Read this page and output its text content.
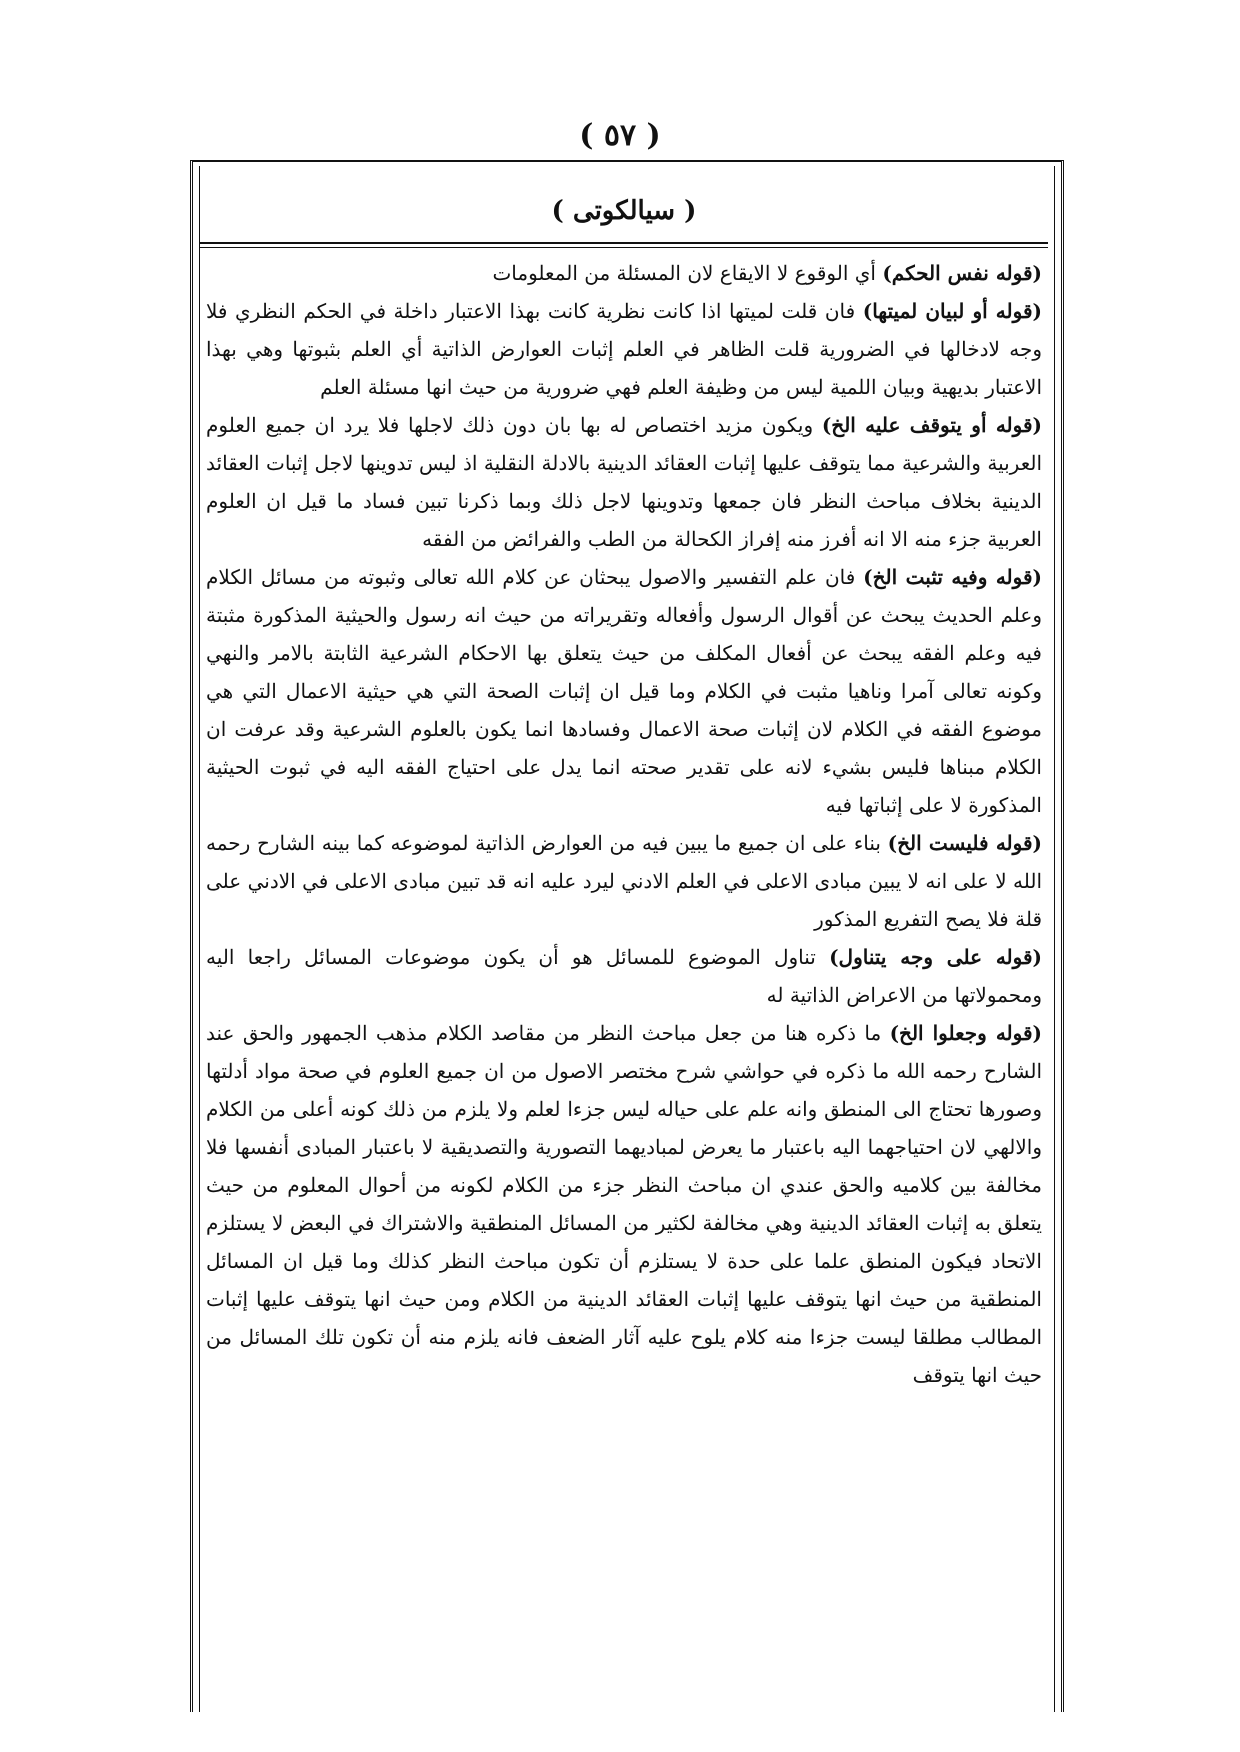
( ٥٧ )
( سيالكوتى )

(قوله نفس الحكم) أي الوقوع لا الايقاع لان المسئلة من المعلومات

(قوله أو لبيان لميتها) فان قلت لميتها اذا كانت نظرية كانت بهذا الاعتبار داخلة في الحكم النظري فلا وجه لادخالها في الضرورية قلت الظاهر في العلم إثبات العوارض الذاتية أي العلم بثبوتها وهي بهذا الاعتبار بديهية وبيان اللمية ليس من وظيفة العلم فهي ضرورية من حيث انها مسئلة العلم

(قوله أو يتوقف عليه الخ) ويكون مزيد اختصاص له بها بان دون ذلك لاجلها فلا يرد ان جميع العلوم العربية والشرعية مما يتوقف عليها إثبات العقائد الدينية بالادلة النقلية اذ ليس تدوينها لاجل إثبات العقائد الدينية بخلاف مباحث النظر فان جمعها وتدوينها لاجل ذلك وبما ذكرنا تبين فساد ما قيل ان العلوم العربية جزء منه الا انه أفرز منه إفراز الكحالة من الطب والفرائض من الفقه

(قوله وفيه تثبت الخ) فان علم التفسير والاصول يبحثان عن كلام الله تعالى وثبوته من مسائل الكلام وعلم الحديث يبحث عن أقوال الرسول وأفعاله وتقريراته من حيث انه رسول والحيثية المذكورة مثبتة فيه وعلم الفقه يبحث عن أفعال المكلف من حيث يتعلق بها الاحكام الشرعية الثابتة بالامر والنهي وكونه تعالى آمرا وناهيا مثبت في الكلام وما قيل ان إثبات الصحة التي هي حيثية الاعمال التي هي موضوع الفقه في الكلام لان إثبات صحة الاعمال وفسادها انما يكون بالعلوم الشرعية وقد عرفت ان الكلام مبناها فليس بشيء لانه على تقدير صحته انما يدل على احتياج الفقه اليه في ثبوت الحيثية المذكورة لا على إثباتها فيه

(قوله فليست الخ) بناء على ان جميع ما يبين فيه من العوارض الذاتية لموضوعه كما بينه الشارح رحمه الله لا على انه لا يبين مبادى الاعلى في العلم الادني ليرد عليه انه قد تبين مبادى الاعلى في الادني على قلة فلا يصح التفريع المذكور

(قوله على وجه يتناول) تناول الموضوع للمسائل هو أن يكون موضوعات المسائل راجعا اليه ومحمولاتها من الاعراض الذاتية له

(قوله وجعلوا الخ) ما ذكره هنا من جعل مباحث النظر من مقاصد الكلام مذهب الجمهور والحق عند الشارح رحمه الله ما ذكره في حواشي شرح مختصر الاصول من ان جميع العلوم في صحة مواد أدلتها وصورها تحتاج الى المنطق وانه علم على حياله ليس جزءا لعلم ولا يلزم من ذلك كونه أعلى من الكلام والالهي لان احتياجهما اليه باعتبار ما يعرض لمباديهما التصورية والتصديقية لا باعتبار المبادى أنفسها فلا مخالفة بين كلاميه والحق عندي ان مباحث النظر جزء من الكلام لكونه من أحوال المعلوم من حيث يتعلق به إثبات العقائد الدينية وهي مخالفة لكثير من المسائل المنطقية والاشتراك في البعض لا يستلزم الاتحاد فيكون المنطق علما على حدة لا يستلزم أن تكون مباحث النظر كذلك وما قيل ان المسائل المنطقية من حيث انها يتوقف عليها إثبات العقائد الدينية من الكلام ومن حيث انها يتوقف عليها إثبات المطالب مطلقا ليست جزءا منه كلام يلوح عليه آثار الضعف فانه يلزم منه أن تكون تلك المسائل من حيث انها يتوقف
